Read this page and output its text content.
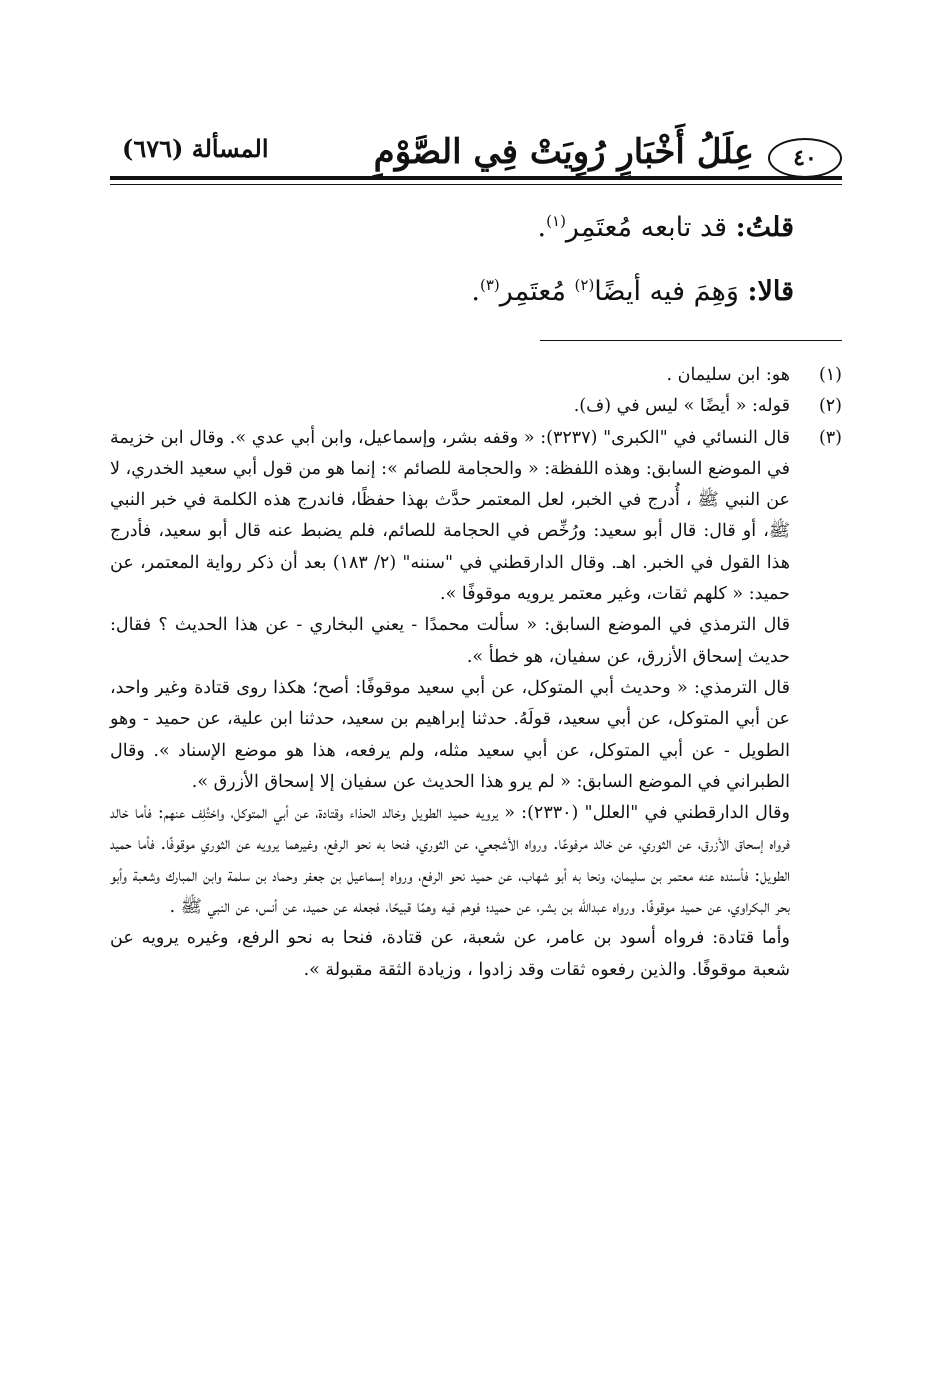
٤٠
عِلَلُ أَخْبَارٍ رُوِيَتْ فِي الصَّوْمِ
المسألة (٦٧٦)
قلتُ: قد تابعه مُعتَمِر$^{(١)}$.
قالا: وَهِمَ فيه أيضًا$^{(٢)}$ مُعتَمِر$^{(٣)}$.
(١)
هو: ابن سليمان .
(٢)
قوله: « أيضًا » ليس في (ف).
(٣)
قال النسائي في "الكبرى" (٣٢٣٧): « وقفه بشر، وإسماعيل، وابن أبي عدي ». وقال ابن خزيمة في الموضع السابق: وهذه اللفظة: « والحجامة للصائم »: إنما هو من قول أبي سعيد الخدري، لا عن النبي ﷺ ، أُدرج في الخبر، لعل المعتمر حدَّث بهذا حفظًا، فاندرج هذه الكلمة في خبر النبي ﷺ، أو قال: قال أبو سعيد: ورُخِّص في الحجامة للصائم، فلم يضبط عنه قال أبو سعيد، فأدرج هذا القول في الخبر. اهـ. وقال الدارقطني في "سننه" (٢/ ١٨٣) بعد أن ذكر رواية المعتمر، عن حميد: « كلهم ثقات، وغير معتمر يرويه موقوفًا ».
قال الترمذي في الموضع السابق: « سألت محمدًا - يعني البخاري - عن هذا الحديث ؟ فقال: حديث إسحاق الأزرق، عن سفيان، هو خطأ ».
قال الترمذي: « وحديث أبي المتوكل، عن أبي سعيد موقوفًا: أصح؛ هكذا روى قتادة وغير واحد، عن أبي المتوكل، عن أبي سعيد، قولَهُ. حدثنا إبراهيم بن سعيد، حدثنا ابن علية، عن حميد - وهو الطويل - عن أبي المتوكل، عن أبي سعيد مثله، ولم يرفعه، هذا هو موضع الإسناد ». وقال الطبراني في الموضع السابق: « لم يرو هذا الحديث عن سفيان إلا إسحاق الأزرق ».
وقال الدارقطني في "العلل" (٢٣٣٠): « يرويه حميد الطويل وخالد الحذاء وقتادة، عن أبي المتوكل، واختُلِف عنهم: فأما خالد فرواه إسحاق الأزرق، عن الثوري، عن خالد مرفوعًا. ورواه الأشجعي، عن الثوري، فنحا به نحو الرفع، وغيرهما يرويه عن الثوري موقوفًا. فأما حميد الطويل: فأسنده عنه معتمر بن سليمان، ونحا به أبو شهاب، عن حميد نحو الرفع، ورواه إسماعيل بن جعفر وحماد بن سلمة وابن المبارك وشعبة وأبو بحر البكراوي، عن حميد موقوفًا. ورواه عبدالله بن بشر، عن حميد؛ فوهم فيه وهمًا قبيحًا، فجعله عن حميد، عن أنس، عن النبي ﷺ .
وأما قتادة: فرواه أسود بن عامر، عن شعبة، عن قتادة، فنحا به نحو الرفع، وغيره يرويه عن شعبة موقوفًا. والذين رفعوه ثقات وقد زادوا ، وزيادة الثقة مقبولة ».
